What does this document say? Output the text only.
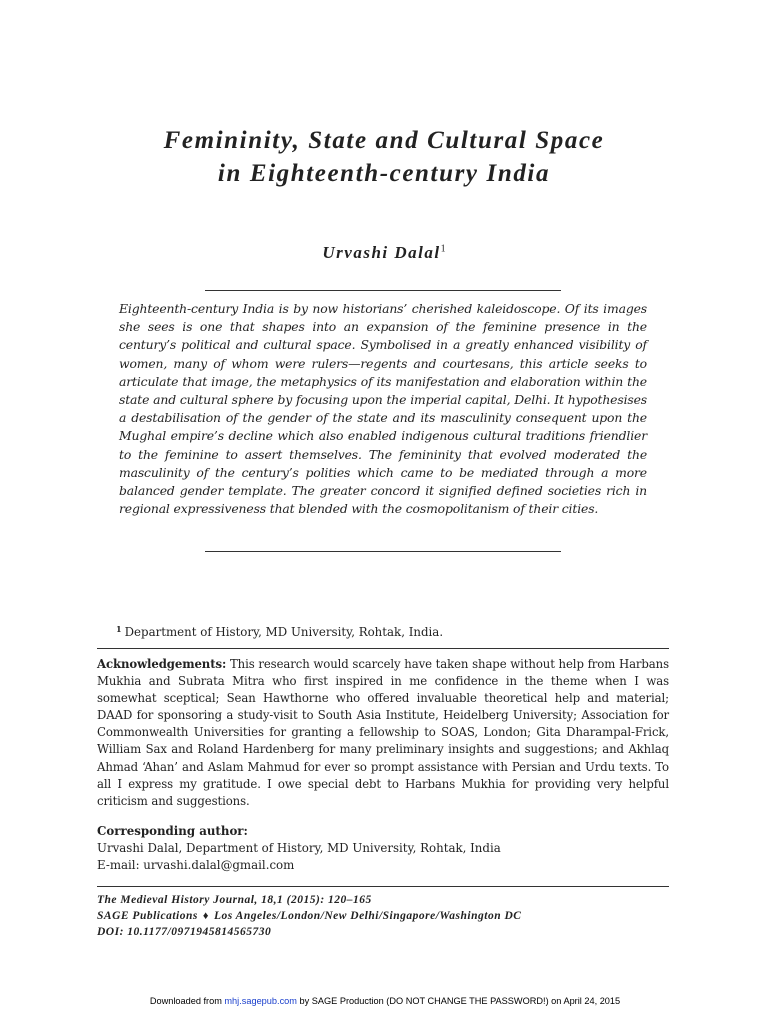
Femininity, State and Cultural Space
in Eighteenth-century India
Urvashi Dalal$^1$
Eighteenth-century India is by now historians’ cherished kaleidoscope. Of its images she sees is one that shapes into an expansion of the feminine presence in the century’s political and cultural space. Symbolised in a greatly enhanced visibility of women, many of whom were rulers—regents and courtesans, this article seeks to articulate that image, the metaphysics of its manifestation and elaboration within the state and cultural sphere by focusing upon the imperial capital, Delhi. It hypothesises a destabilisation of the gender of the state and its masculinity consequent upon the Mughal empire’s decline which also enabled indigenous cultural traditions friendlier to the feminine to assert themselves. The femininity that evolved moderated the masculinity of the century’s polities which came to be mediated through a more balanced gender template. The greater concord it signified defined societies rich in regional expressiveness that blended with the cosmopolitanism of their cities.
$^1$ Department of History, MD University, Rohtak, India.
Acknowledgements: This research would scarcely have taken shape without help from Harbans Mukhia and Subrata Mitra who first inspired in me confidence in the theme when I was somewhat sceptical; Sean Hawthorne who offered invaluable theoretical help and material; DAAD for sponsoring a study-visit to South Asia Institute, Heidelberg University; Association for Commonwealth Universities for granting a fellowship to SOAS, London; Gita Dharampal-Frick, William Sax and Roland Hardenberg for many preliminary insights and suggestions; and Akhlaq Ahmad ‘Ahan’ and Aslam Mahmud for ever so prompt assistance with Persian and Urdu texts. To all I express my gratitude. I owe special debt to Harbans Mukhia for providing very helpful criticism and suggestions.
Corresponding author:
Urvashi Dalal, Department of History, MD University, Rohtak, India
E-mail: urvashi.dalal@gmail.com
The Medieval History Journal, 18,1 (2015): 120–165
SAGE Publications ♦ Los Angeles/London/New Delhi/Singapore/Washington DC
DOI: 10.1177/0971945814565730
Downloaded from mhj.sagepub.com by SAGE Production (DO NOT CHANGE THE PASSWORD!) on April 24, 2015
